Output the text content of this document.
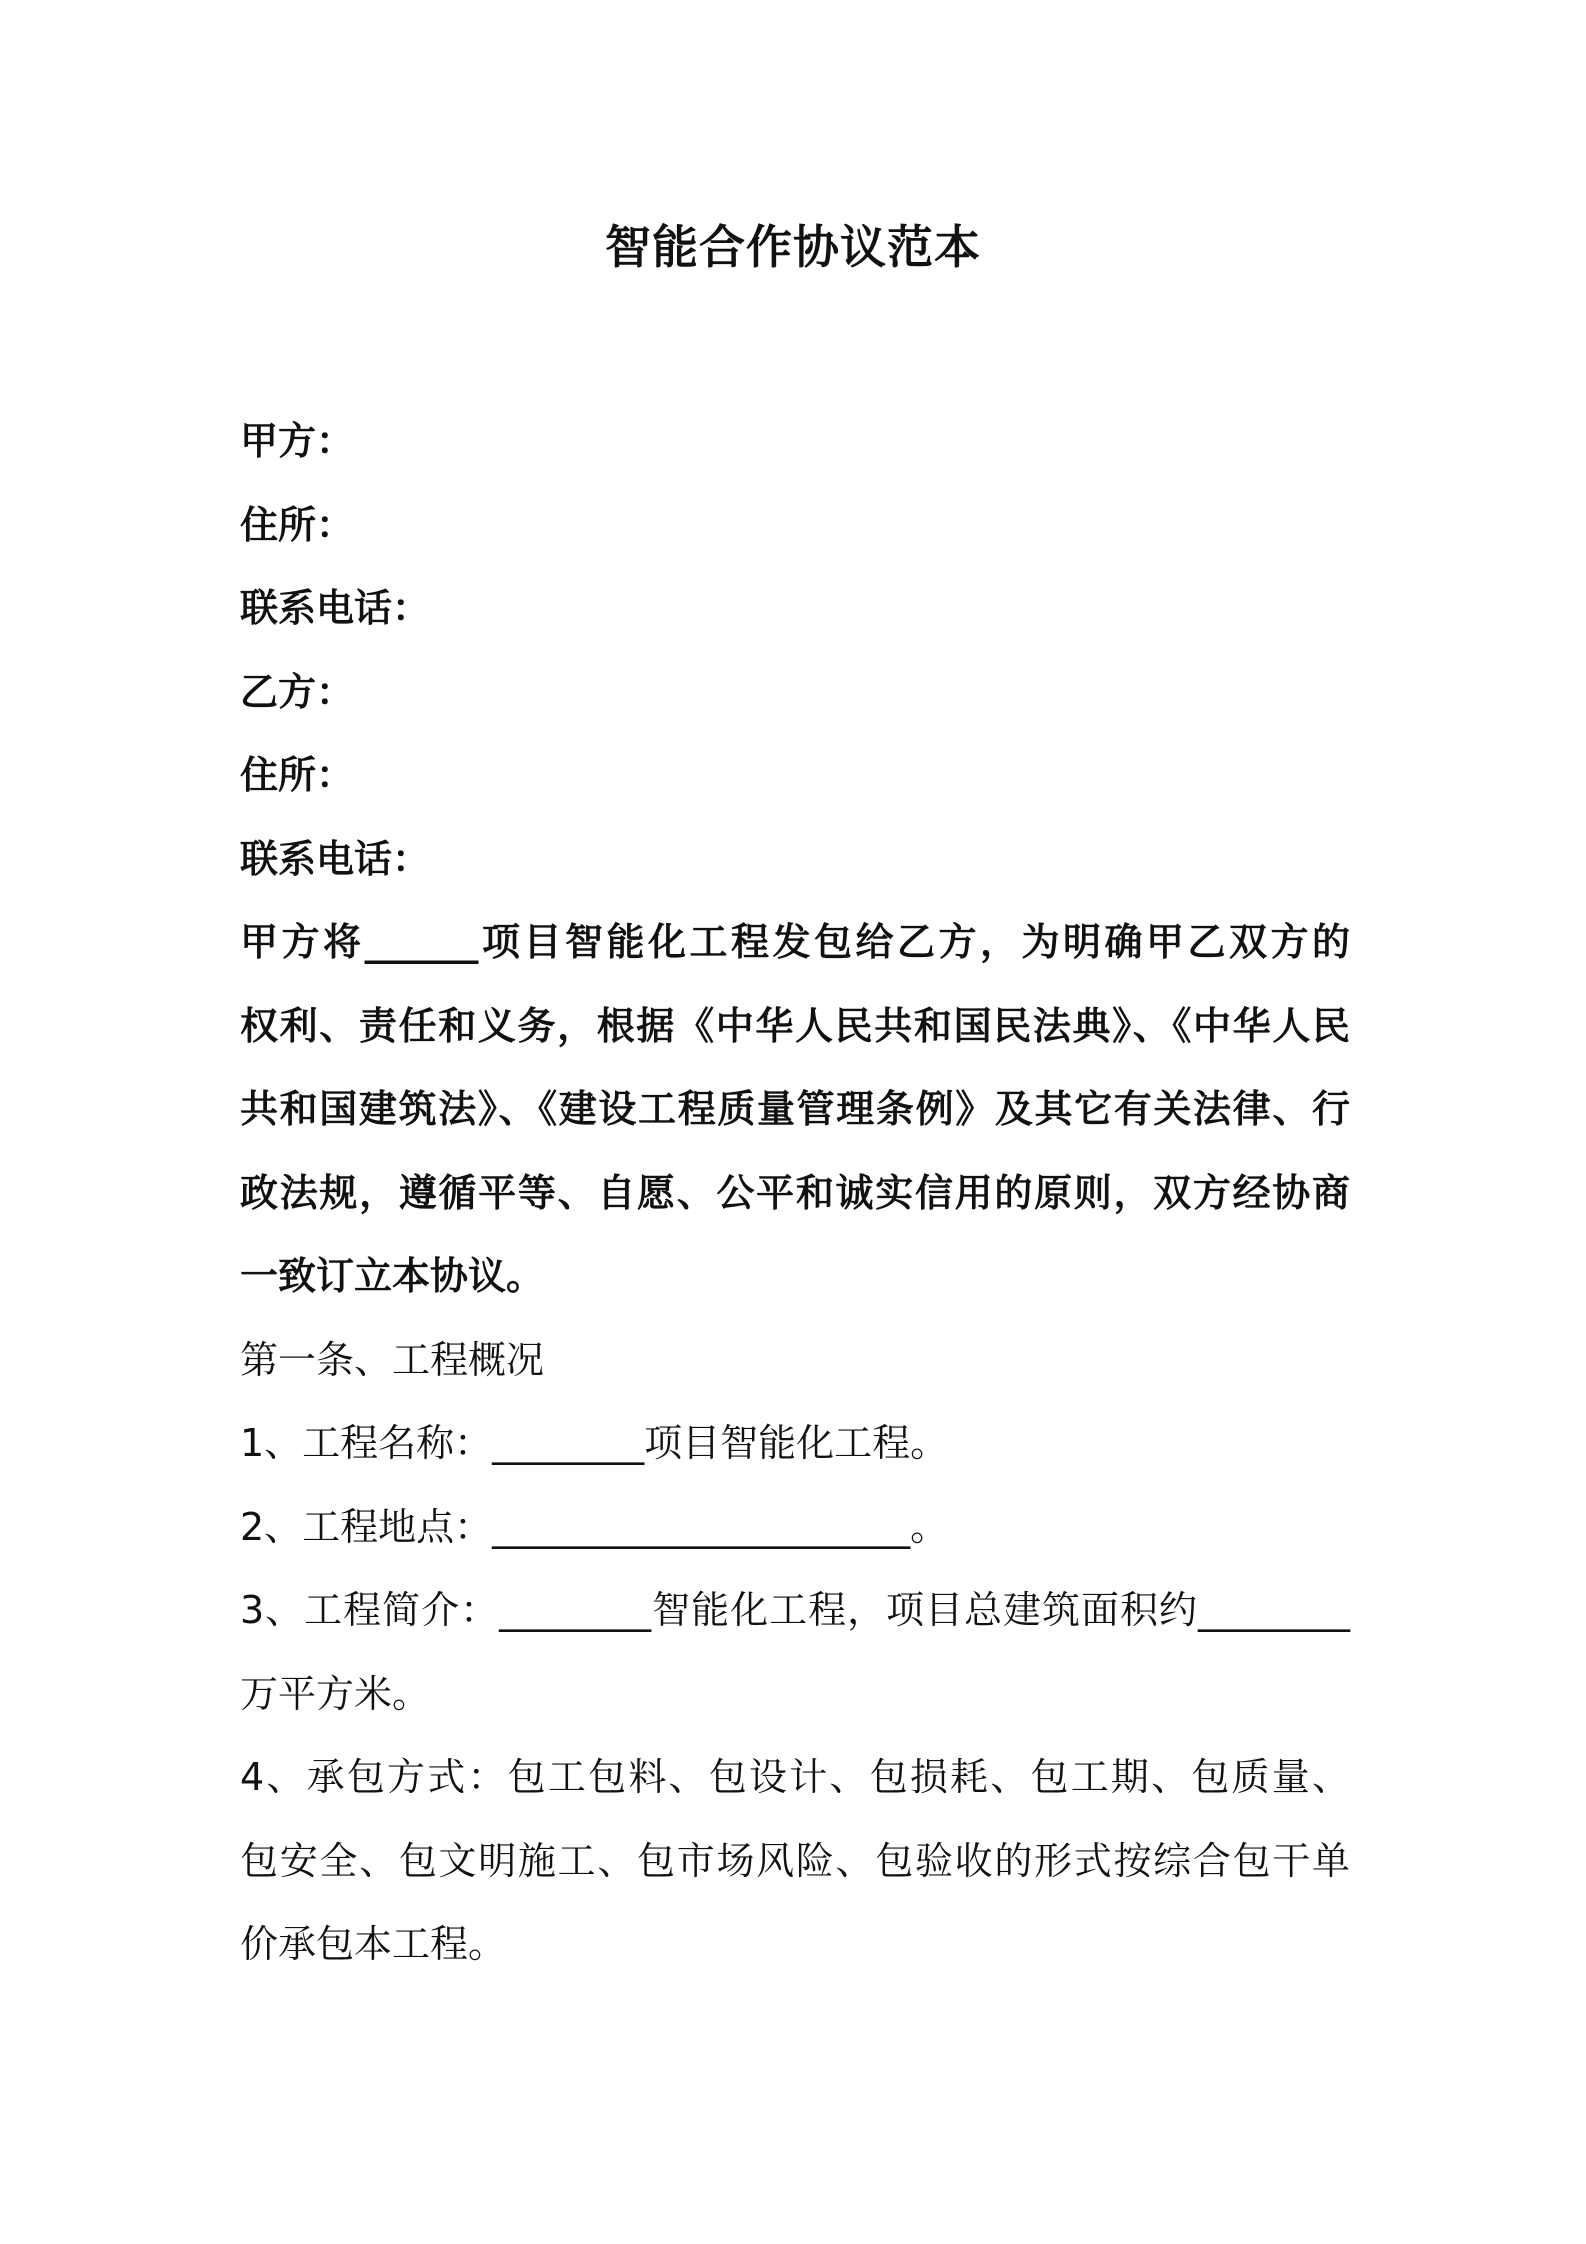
智能合作协议范本
甲方：
住所：
联系电话：
乙方：
住所：
联系电话：
甲方将______项目智能化工程发包给乙方，为明确甲乙双方的
权利、责任和义务，根据《中华人民共和国民法典》、《中华人民
共和国建筑法》、《建设工程质量管理条例》及其它有关法律、行
政法规，遵循平等、自愿、公平和诚实信用的原则，双方经协商
一致订立本协议。
第一条、工程概况
1、工程名称：________项目智能化工程。
2、工程地点：______________________。
3、工程简介：________智能化工程，项目总建筑面积约________
万平方米。
4、承包方式：包工包料、包设计、包损耗、包工期、包质量、
包安全、包文明施工、包市场风险、包验收的形式按综合包干单
价承包本工程。
